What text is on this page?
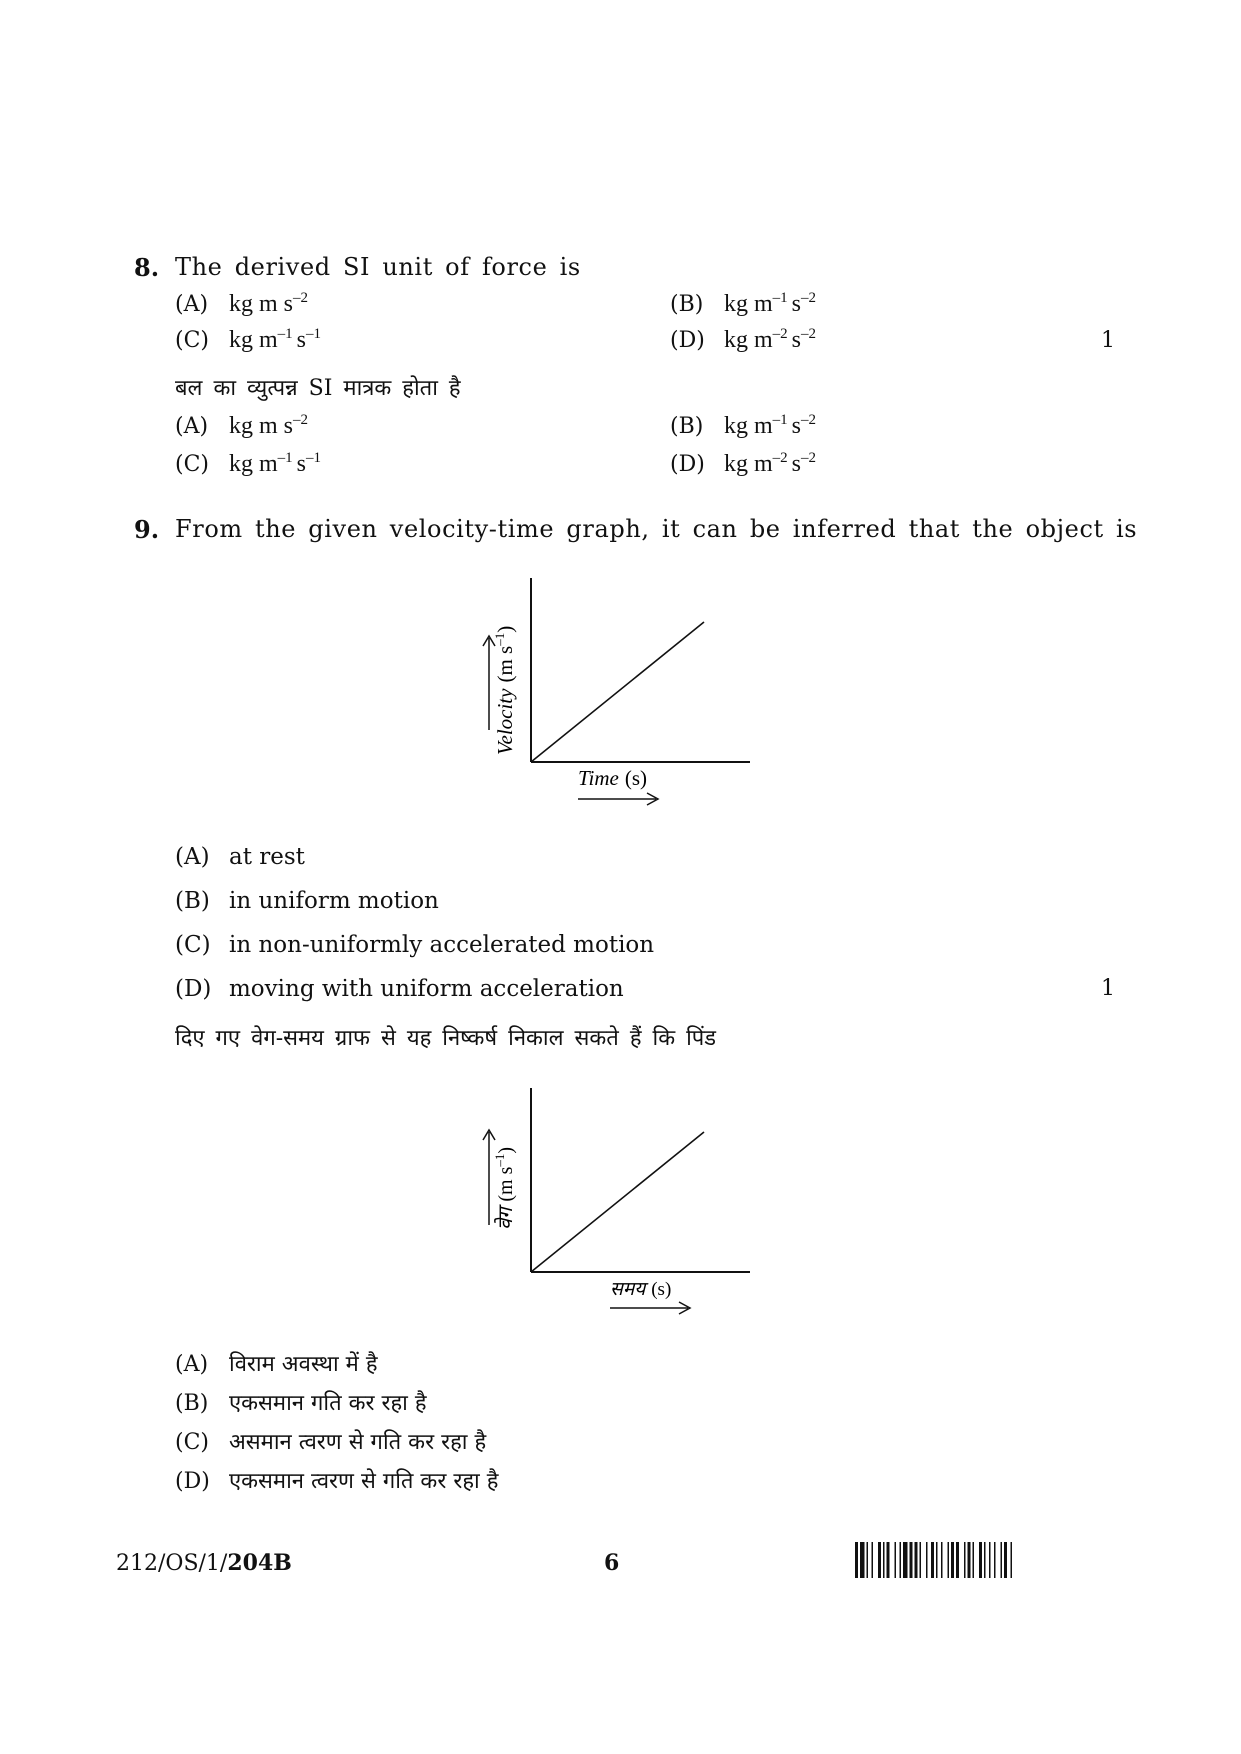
8. The derived SI unit of force is
(A) kg m $s^{-2}$	(B) kg $m^{-1}$ $s^{-2}$
(C) kg $m^{-1}$ $s^{-1}$	(D) kg $m^{-2}$ $s^{-2}$	1
बल का व्युत्पन्न SI मात्रक होता है
(A) kg m $s^{-2}$	(B) kg $m^{-1}$ $s^{-2}$
(C) kg $m^{-1}$ $s^{-1}$	(D) kg $m^{-2}$ $s^{-2}$
9. From the given velocity-time graph, it can be inferred that the object is
Velocity(m $s^{-1}$)
Time (s)
(A) at rest
(B) in uniform motion
(C) in non-uniformly accelerated motion
(D) moving with uniform acceleration	1
दिए गए वेग-समय ग्राफ से यह निष्कर्ष निकाल सकते हैं कि पिंड
वेग(m $s^{-1}$)
समय (s)
(A) विराम अवस्था में है
(B) एकसमान गति कर रहा है
(C) असमान त्वरण से गति कर रहा है
(D) एकसमान त्वरण से गति कर रहा है
212/OS/1/204B	6
